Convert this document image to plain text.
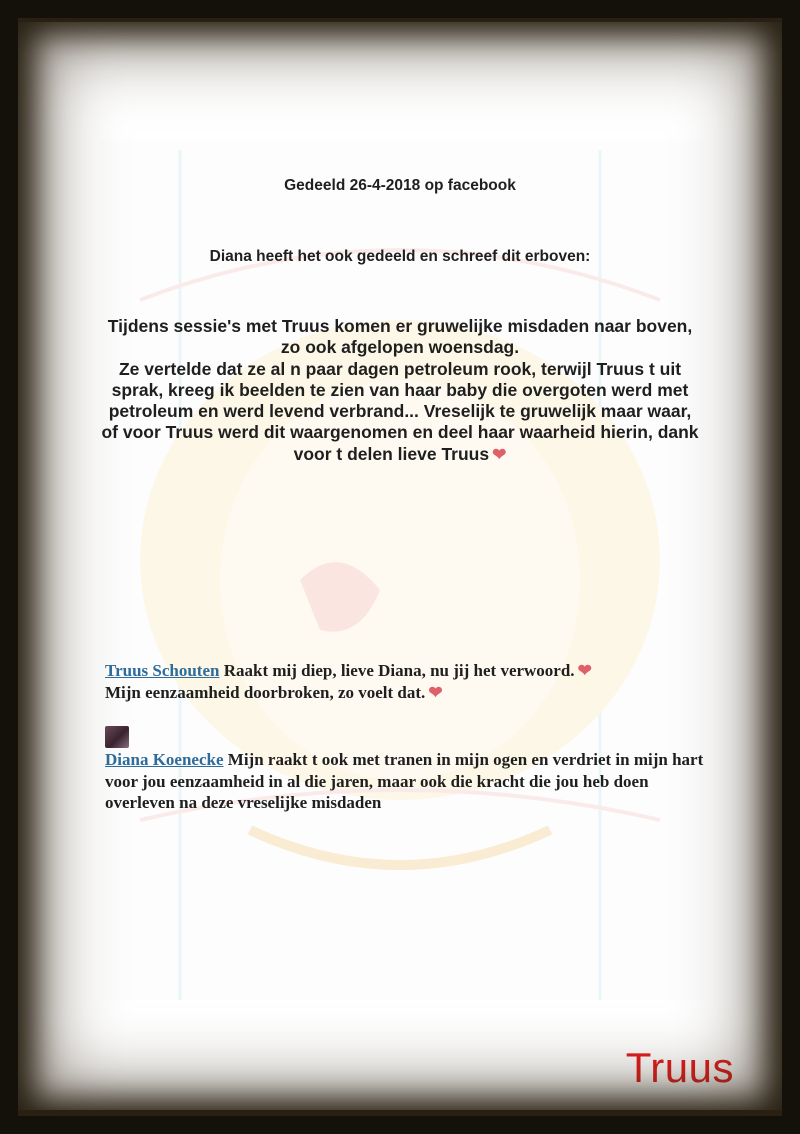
Gedeeld 26-4-2018 op facebook
Diana heeft het ook gedeeld en schreef dit erboven:
Tijdens sessie's met Truus komen er gruwelijke misdaden naar boven, zo ook afgelopen woensdag.
Ze vertelde dat ze al n paar dagen petroleum rook, terwijl Truus t uit sprak, kreeg ik beelden te zien van haar baby die overgoten werd met petroleum en werd levend verbrand... Vreselijk te gruwelijk maar waar, of voor Truus werd dit waargenomen en deel haar waarheid hierin, dank voor t delen lieve Truus ❤
Truus Schouten Raakt mij diep, lieve Diana, nu jij het verwoord. ❤
Mijn eenzaamheid doorbroken, zo voelt dat. ❤
Diana Koenecke Mijn raakt t ook met tranen in mijn ogen en verdriet in mijn hart voor jou eenzaamheid in al die jaren, maar ook die kracht die jou heb doen overleven na deze vreselijke misdaden
Truus
